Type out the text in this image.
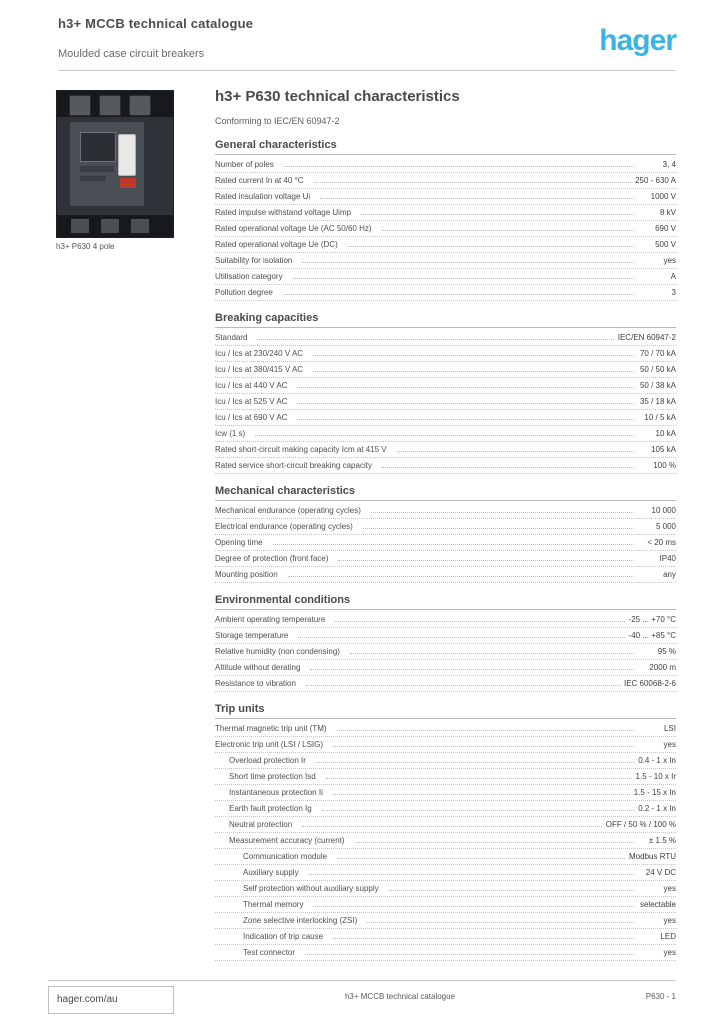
h3+ MCCB technical catalogue
Moulded case circuit breakers	hager
h3+ P630 4 pole
h3+ P630 technical characteristics
Conforming to IEC/EN 60947-2
General characteristics
Number of poles	3, 4
Rated current In at 40 °C	250 - 630 A
Rated insulation voltage Ui	1000 V
Rated impulse withstand voltage Uimp	8 kV
Rated operational voltage Ue (AC 50/60 Hz)	690 V
Rated operational voltage Ue (DC)	500 V
Suitability for isolation	yes
Utilisation category	A
Pollution degree	3
Breaking capacities
Standard	IEC/EN 60947-2
Icu / Ics at 230/240 V AC	70 / 70 kA
Icu / Ics at 380/415 V AC	50 / 50 kA
Icu / Ics at 440 V AC	50 / 38 kA
Icu / Ics at 525 V AC	35 / 18 kA
Icu / Ics at 690 V AC	10 / 5 kA
Icw (1 s)	10 kA
Rated short-circuit making capacity Icm at 415 V	105 kA
Rated service short-circuit breaking capacity	100 %
Mechanical characteristics
Mechanical endurance (operating cycles)	10 000
Electrical endurance (operating cycles)	5 000
Opening time	< 20 ms
Degree of protection (front face)	IP40
Mounting position	any
Environmental conditions
Ambient operating temperature	-25 ... +70 °C
Storage temperature	-40 ... +85 °C
Relative humidity (non condensing)	95 %
Altitude without derating	2000 m
Resistance to vibration	IEC 60068-2-6
Trip units
Thermal magnetic trip unit (TM)	LSI
Electronic trip unit (LSI / LSIG)	yes
Overload protection Ir	0.4 - 1 x In
Short time protection Isd	1.5 - 10 x Ir
Instantaneous protection Ii	1.5 - 15 x In
Earth fault protection Ig	0.2 - 1 x In
Neutral protection	OFF / 50 % / 100 %
Measurement accuracy (current)	± 1.5 %
Communication module	Modbus RTU
Auxiliary supply	24 V DC
Self protection without auxiliary supply	yes
Thermal memory	selectable
Zone selective interlocking (ZSI)	yes
Indication of trip cause	LED
Test connector	yes
hager.com/au	h3+ MCCB technical catalogue	P630 - 1
